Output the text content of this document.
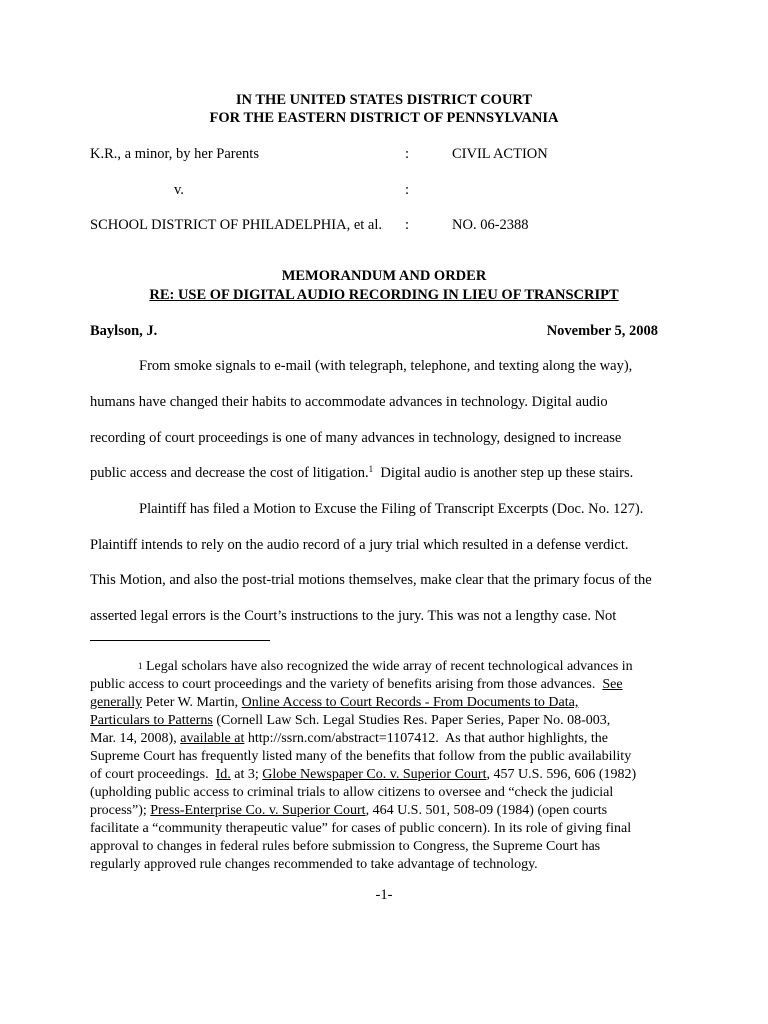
IN THE UNITED STATES DISTRICT COURT
FOR THE EASTERN DISTRICT OF PENNSYLVANIA
K.R., a minor, by her Parents	:	CIVIL ACTION
v.	:
SCHOOL DISTRICT OF PHILADELPHIA, et al. :	NO. 06-2388
MEMORANDUM AND ORDER
RE: USE OF DIGITAL AUDIO RECORDING IN LIEU OF TRANSCRIPT
Baylson, J.	November 5, 2008
From smoke signals to e-mail (with telegraph, telephone, and texting along the way),
humans have changed their habits to accommodate advances in technology. Digital audio
recording of court proceedings is one of many advances in technology, designed to increase
public access and decrease the cost of litigation.$^1$  Digital audio is another step up these stairs.
Plaintiff has filed a Motion to Excuse the Filing of Transcript Excerpts (Doc. No. 127).
Plaintiff intends to rely on the audio record of a jury trial which resulted in a defense verdict.
This Motion, and also the post-trial motions themselves, make clear that the primary focus of the
asserted legal errors is the Court’s instructions to the jury. This was not a lengthy case. Not
$^1$ Legal scholars have also recognized the wide array of recent technological advances in
public access to court proceedings and the variety of benefits arising from those advances.  See
generally Peter W. Martin, Online Access to Court Records - From Documents to Data,
Particulars to Patterns (Cornell Law Sch. Legal Studies Res. Paper Series, Paper No. 08-003,
Mar. 14, 2008), available at http://ssrn.com/abstract=1107412.  As that author highlights, the
Supreme Court has frequently listed many of the benefits that follow from the public availability
of court proceedings.  Id. at 3; Globe Newspaper Co. v. Superior Court, 457 U.S. 596, 606 (1982)
(upholding public access to criminal trials to allow citizens to oversee and “check the judicial
process”); Press-Enterprise Co. v. Superior Court, 464 U.S. 501, 508-09 (1984) (open courts
facilitate a “community therapeutic value” for cases of public concern). In its role of giving final
approval to changes in federal rules before submission to Congress, the Supreme Court has
regularly approved rule changes recommended to take advantage of technology.
-1-
